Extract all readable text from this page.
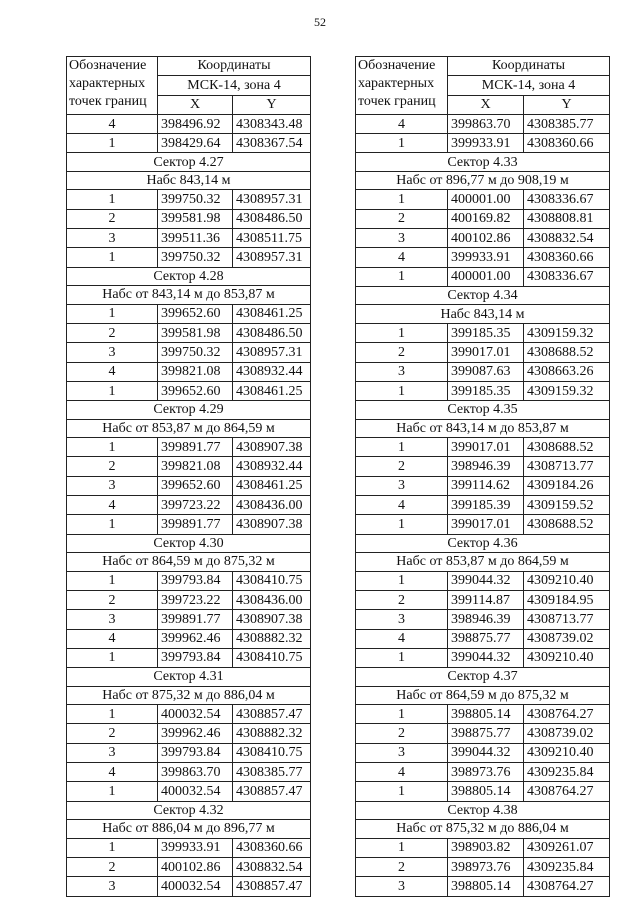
52
Обозначение
характерных
точек границ	Координаты	
	МСК-14, зона 4	
	X	Y
4	398496.92	4308343.48
1	398429.64	4308367.54
Сектор 4.27		
Набс 843,14 м		
1	399750.32	4308957.31
2	399581.98	4308486.50
3	399511.36	4308511.75
1	399750.32	4308957.31
Сектор 4.28		
Набс от 843,14 м до 853,87 м		
1	399652.60	4308461.25
2	399581.98	4308486.50
3	399750.32	4308957.31
4	399821.08	4308932.44
1	399652.60	4308461.25
Сектор 4.29		
Набс от 853,87 м до 864,59 м		
1	399891.77	4308907.38
2	399821.08	4308932.44
3	399652.60	4308461.25
4	399723.22	4308436.00
1	399891.77	4308907.38
Сектор 4.30		
Набс от 864,59 м до 875,32 м		
1	399793.84	4308410.75
2	399723.22	4308436.00
3	399891.77	4308907.38
4	399962.46	4308882.32
1	399793.84	4308410.75
Сектор 4.31		
Набс от 875,32 м до 886,04 м		
1	400032.54	4308857.47
2	399962.46	4308882.32
3	399793.84	4308410.75
4	399863.70	4308385.77
1	400032.54	4308857.47
Сектор 4.32		
Набс от 886,04 м до 896,77 м		
1	399933.91	4308360.66
2	400102.86	4308832.54
3	400032.54	4308857.47
Обозначение
характерных
точек границ	Координаты	
	МСК-14, зона 4	
	X	Y
4	399863.70	4308385.77
1	399933.91	4308360.66
Сектор 4.33		
Набс от 896,77 м до 908,19 м		
1	400001.00	4308336.67
2	400169.82	4308808.81
3	400102.86	4308832.54
4	399933.91	4308360.66
1	400001.00	4308336.67
Сектор 4.34		
Набс 843,14 м		
1	399185.35	4309159.32
2	399017.01	4308688.52
3	399087.63	4308663.26
1	399185.35	4309159.32
Сектор 4.35		
Набс от 843,14 м до 853,87 м		
1	399017.01	4308688.52
2	398946.39	4308713.77
3	399114.62	4309184.26
4	399185.39	4309159.52
1	399017.01	4308688.52
Сектор 4.36		
Набс от 853,87 м до 864,59 м		
1	399044.32	4309210.40
2	399114.87	4309184.95
3	398946.39	4308713.77
4	398875.77	4308739.02
1	399044.32	4309210.40
Сектор 4.37		
Набс от 864,59 м до 875,32 м		
1	398805.14	4308764.27
2	398875.77	4308739.02
3	399044.32	4309210.40
4	398973.76	4309235.84
1	398805.14	4308764.27
Сектор 4.38		
Набс от 875,32 м до 886,04 м		
1	398903.82	4309261.07
2	398973.76	4309235.84
3	398805.14	4308764.27
